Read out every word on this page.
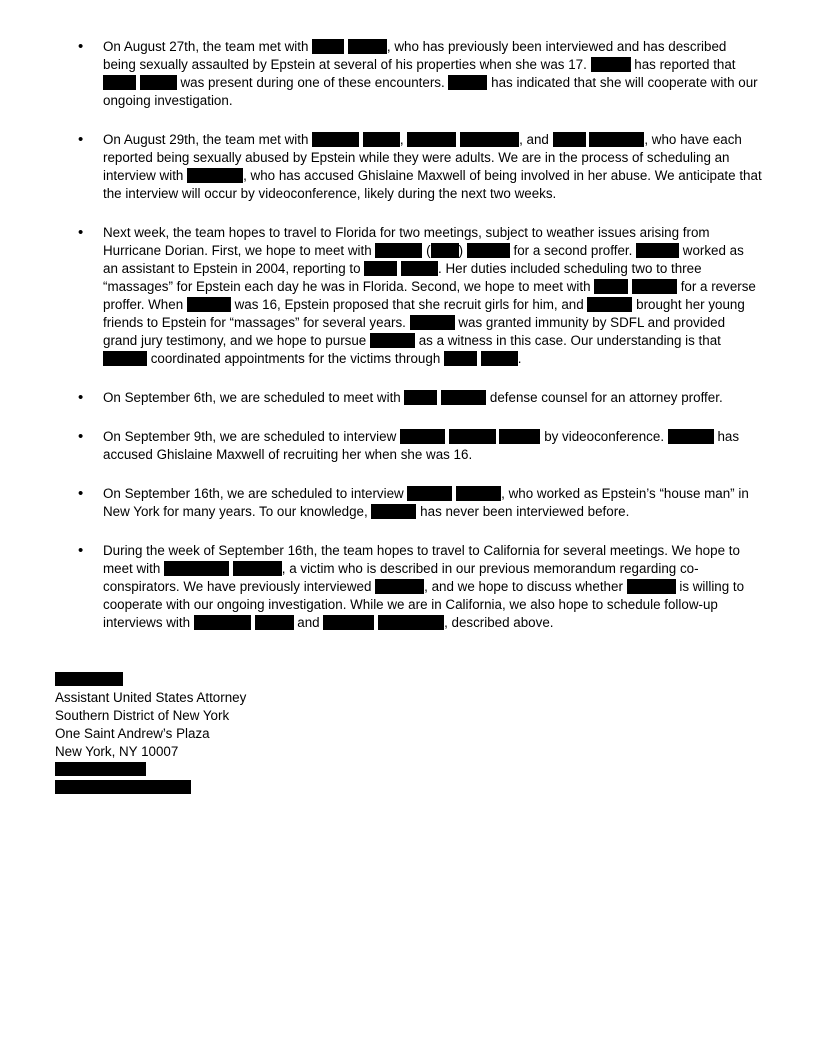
• On August 27th, the team met with	, who has previously been interviewed and has described being sexually assaulted by Epstein at several of his properties when she was 17.	has reported that   was present during one of these encounters.	has indicated that she will cooperate with our ongoing investigation.
• On August 29th, the team met with	,	, and	, who have each reported being sexually abused by Epstein while they were adults. We are in the process of scheduling an interview with	, who has accused Ghislaine Maxwell of being involved in her abuse. We anticipate that the interview will occur by videoconference, likely during the next two weeks.
• Next week, the team hopes to travel to Florida for two meetings, subject to weather issues arising from Hurricane Dorian. First, we hope to meet with	( )	for a second proffer.	worked as an assistant to Epstein in 2004, reporting to	. Her duties included scheduling two to three “massages” for Epstein each day he was in Florida. Second, we hope to meet with	for a reverse proffer. When	was 16, Epstein proposed that she recruit girls for him, and	brought her young friends to Epstein for “massages” for several years.	was granted immunity by SDFL and provided grand jury testimony, and we hope to pursue	as a witness in this case. Our understanding is that  coordinated appointments for the victims through	.
• On September 6th, we are scheduled to meet with	defense counsel for an attorney proffer.
• On September 9th, we are scheduled to interview	by videoconference.	has accused Ghislaine Maxwell of recruiting her when she was 16.
• On September 16th, we are scheduled to interview	, who worked as Epstein’s “house man” in New York for many years. To our knowledge,	has never been interviewed before.
• During the week of September 16th, the team hopes to travel to California for several meetings. We hope to meet with	, a victim who is described in our previous memorandum regarding co-conspirators. We have previously interviewed	, and we hope to discuss whether	is willing to cooperate with our ongoing investigation. While we are in California, we also hope to schedule follow-up interviews with	and	, described above.
Assistant United States Attorney
Southern District of New York
One Saint Andrew’s Plaza
New York, NY 10007
